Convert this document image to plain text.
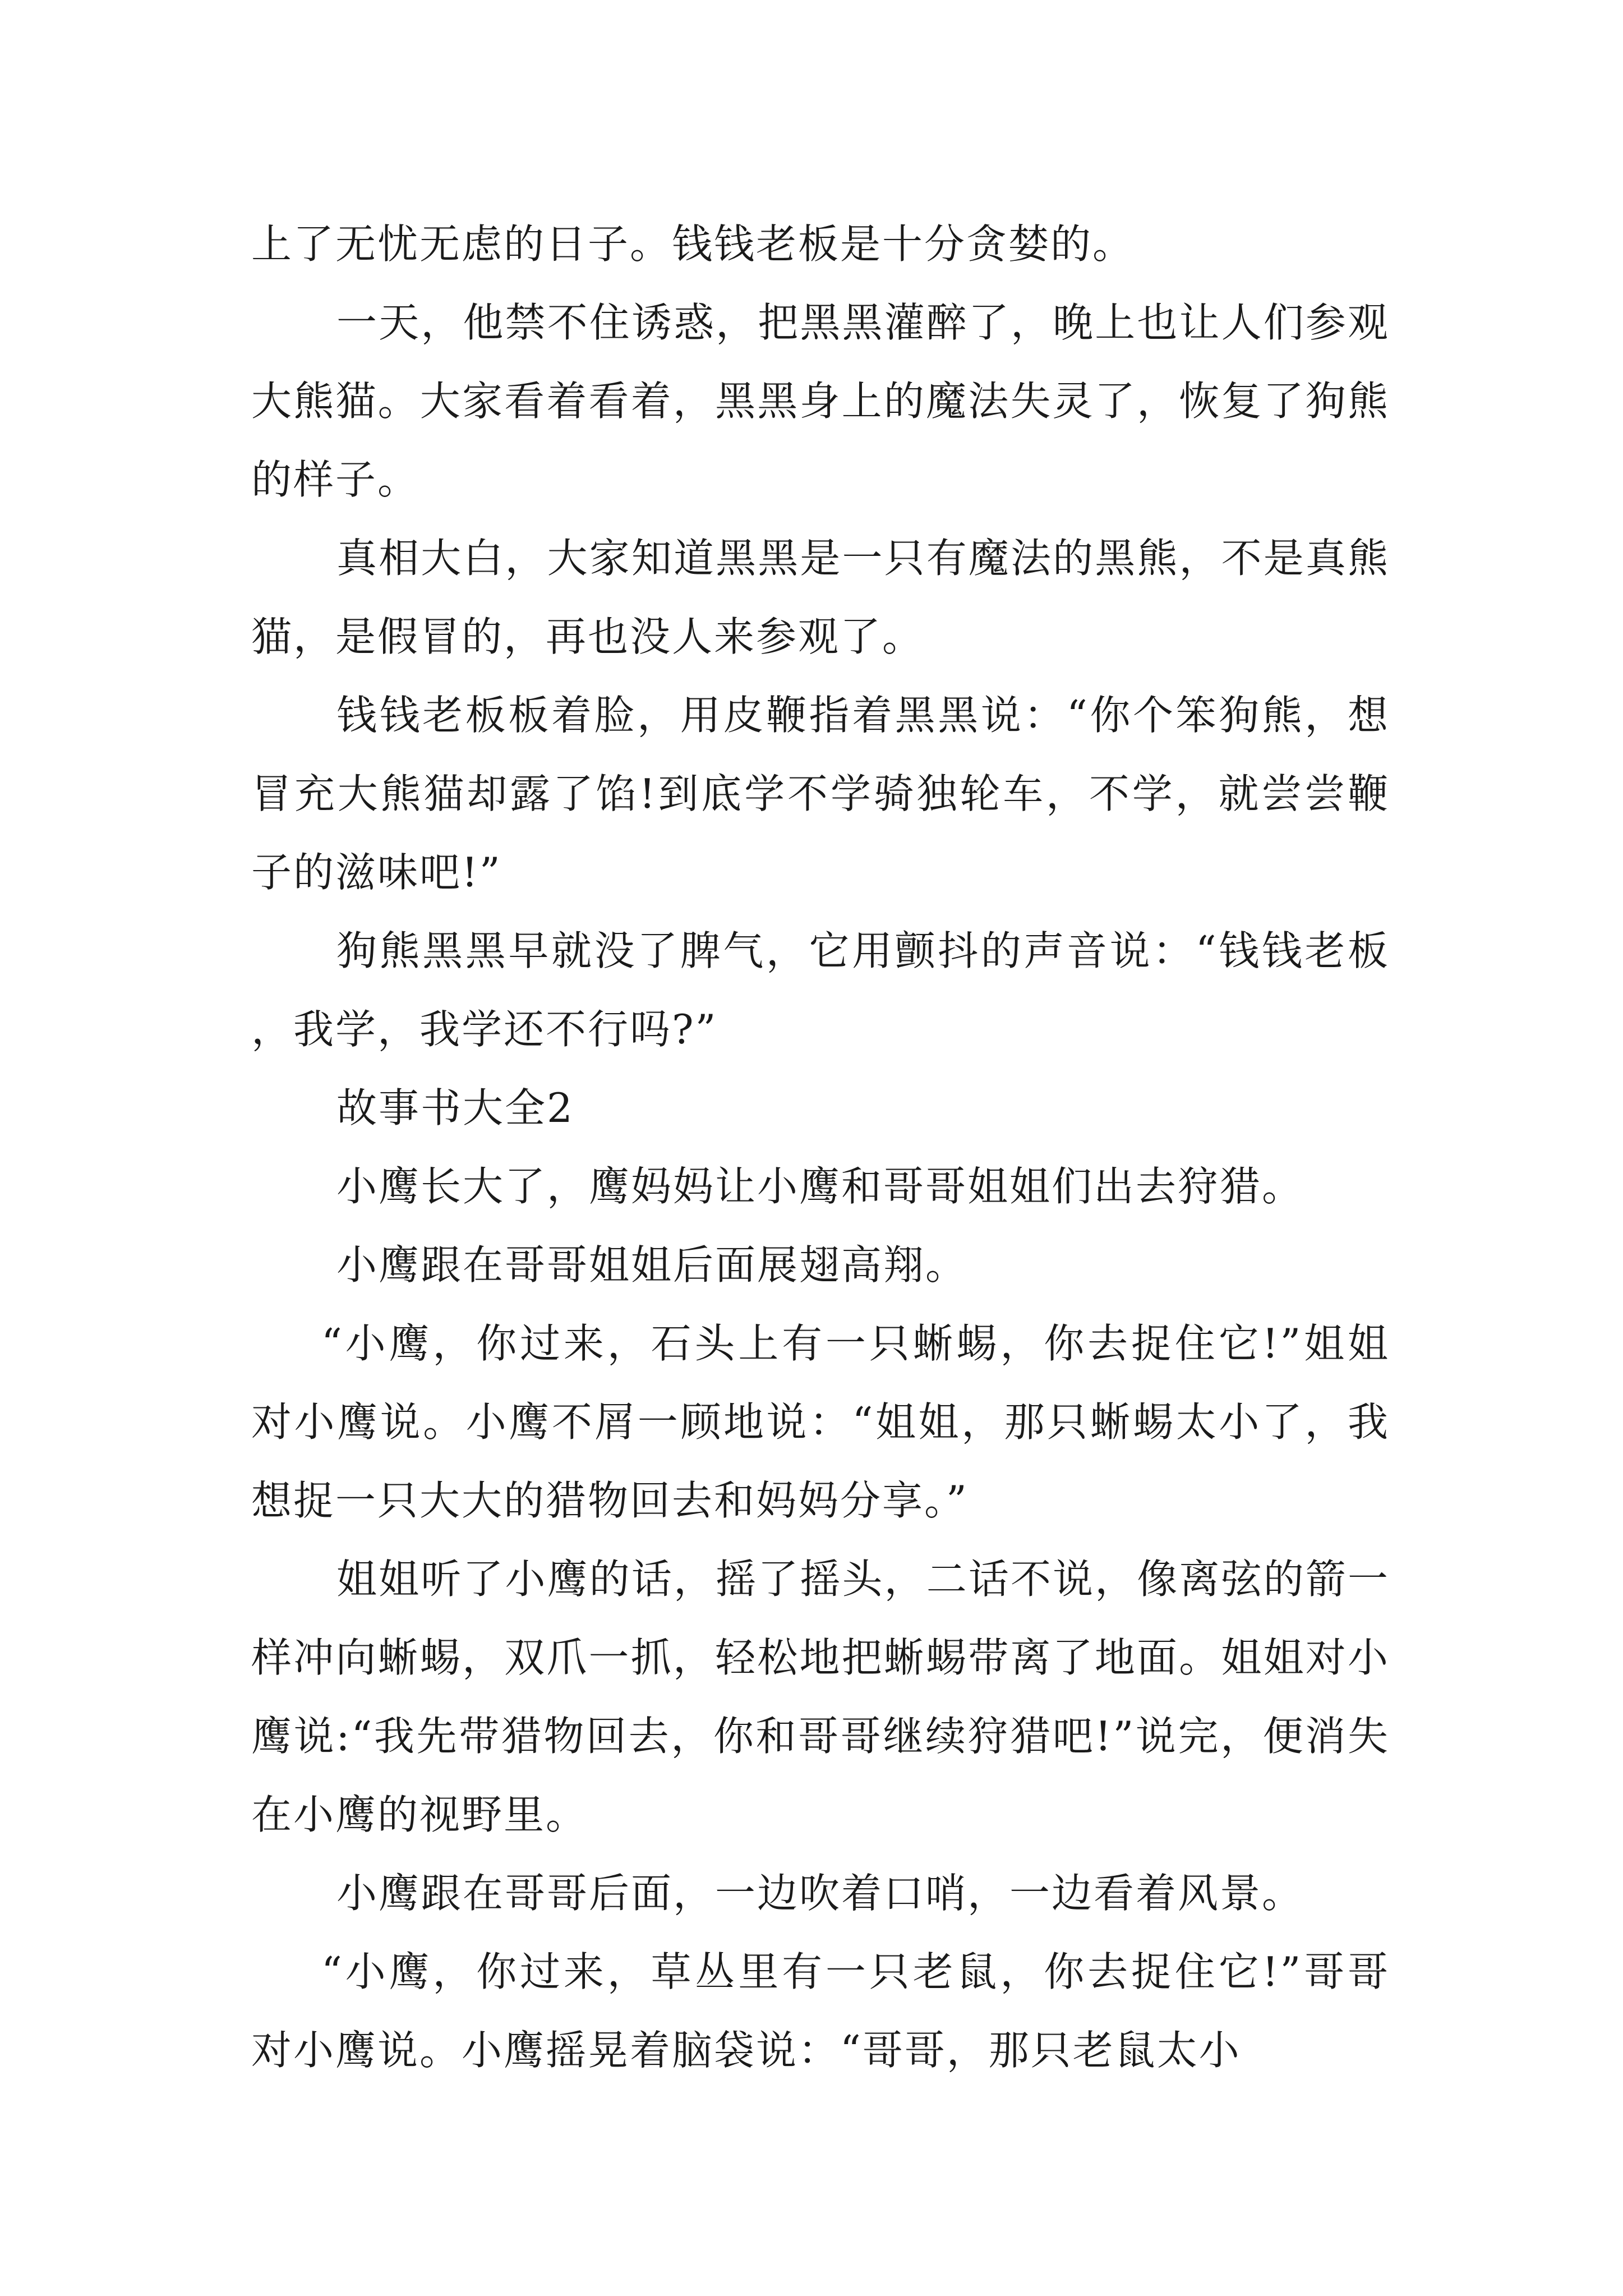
上了无忧无虑的日子。钱钱老板是十分贪婪的。

一天，他禁不住诱惑，把黑黑灌醉了，晚上也让人们参观大熊猫。大家看着看着，黑黑身上的魔法失灵了，恢复了狗熊的样子。

真相大白，大家知道黑黑是一只有魔法的黑熊，不是真熊猫，是假冒的，再也没人来参观了。

钱钱老板板着脸，用皮鞭指着黑黑说：“你个笨狗熊，想冒充大熊猫却露了馅!到底学不学骑独轮车，不学，就尝尝鞭子的滋味吧!”

狗熊黑黑早就没了脾气，它用颤抖的声音说：“钱钱老板，我学，我学还不行吗?”

故事书大全2

小鹰长大了，鹰妈妈让小鹰和哥哥姐姐们出去狩猎。

小鹰跟在哥哥姐姐后面展翅高翔。

“小鹰，你过来，石头上有一只蜥蜴，你去捉住它!”姐姐对小鹰说。小鹰不屑一顾地说：“姐姐，那只蜥蜴太小了，我想捉一只大大的猎物回去和妈妈分享。”

姐姐听了小鹰的话，摇了摇头，二话不说，像离弦的箭一样冲向蜥蜴，双爪一抓，轻松地把蜥蜴带离了地面。姐姐对小鹰说:“我先带猎物回去，你和哥哥继续狩猎吧!”说完，便消失在小鹰的视野里。

小鹰跟在哥哥后面，一边吹着口哨，一边看着风景。

“小鹰，你过来，草丛里有一只老鼠，你去捉住它!”哥哥对小鹰说。小鹰摇晃着脑袋说：“哥哥，那只老鼠太小
